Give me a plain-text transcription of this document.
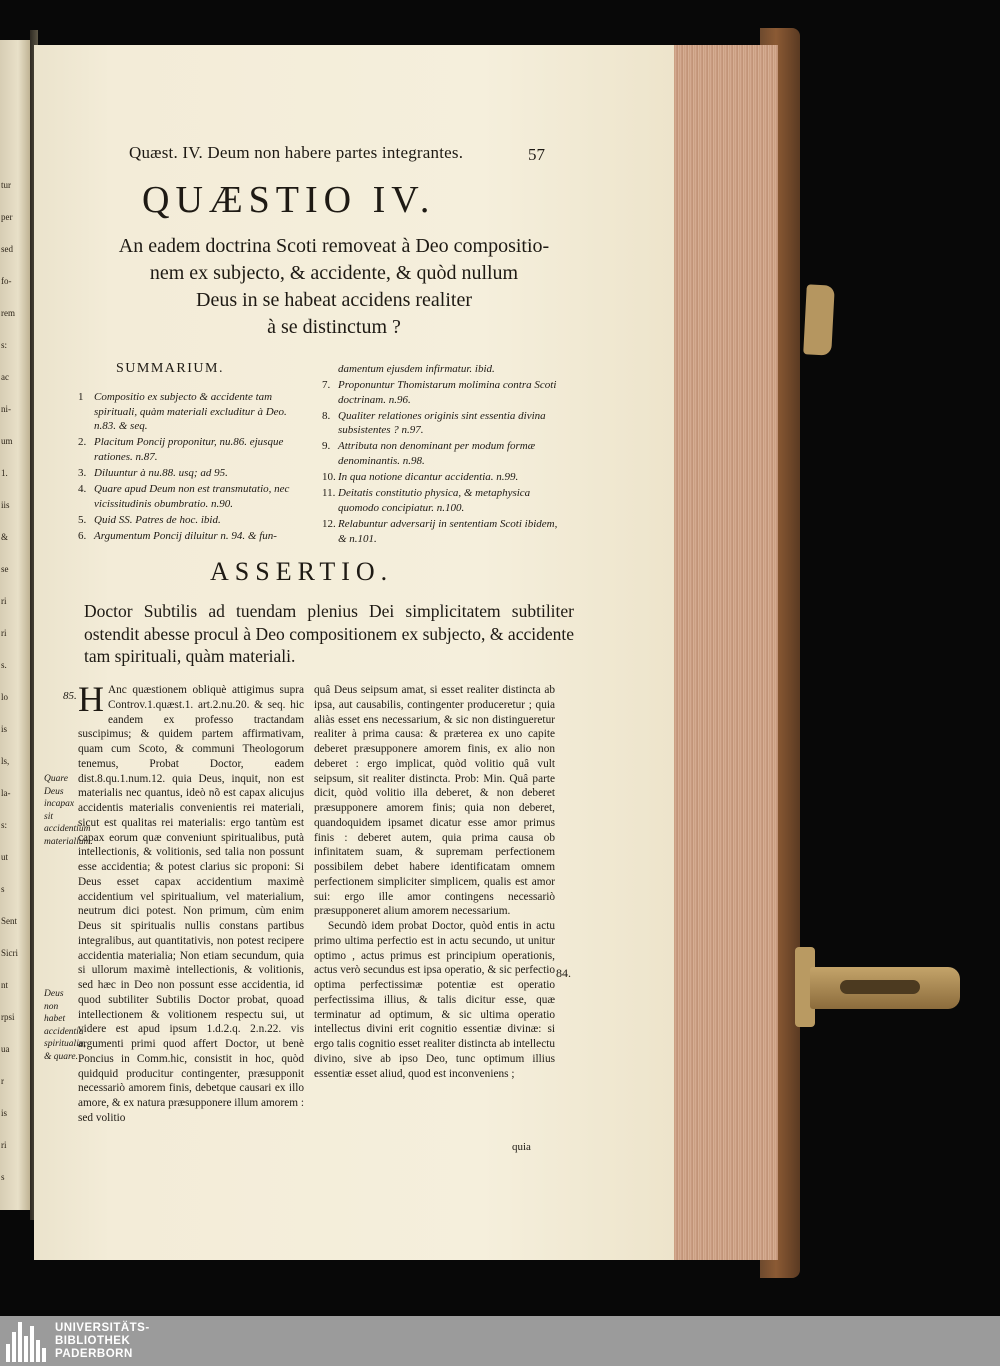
tur
per
sed
fo-
rem
s:
ac
ni-
um
1.
iis
&
se
ri
ri
s.
lo
is
ls,
la-
s:
ut
s
Sent
Sicri
nt
rpsi
ua
r
is
ri
s
Quæst. IV. Deum non habere partes integrantes.	57
QUÆSTIO IV.
An eadem doctrina Scoti removeat à Deo compositio-
nem ex subjecto, & accidente, & quòd nullum
Deus in se habeat accidens realiter
à se distinctum ?
SUMMARIUM.
1 Compositio ex subjecto & accidente tam spirituali, quàm materiali excluditur à Deo. n.83. & seq.
2. Placitum Poncij proponitur, nu.86. ejusque rationes. n.87.
3. Diluuntur à nu.88. usq; ad 95.
4. Quare apud Deum non est transmutatio, nec vicissitudinis obumbratio. n.90.
5. Quid SS. Patres de hoc. ibid.
6. Argumentum Poncij diluitur n. 94. & fun-
damentum ejusdem infirmatur. ibid.
7. Proponuntur Thomistarum molimina contra Scoti doctrinam. n.96.
8. Qualiter relationes originis sint essentia divina subsistentes ? n.97.
9. Attributa non denominant per modum formæ denominantis. n.98.
10. In qua notione dicantur accidentia. n.99.
11. Deitatis constitutio physica, & metaphysica quomodo concipiatur. n.100.
12. Relabuntur adversarij in sententiam Scoti ibidem, & n.101.
ASSERTIO.
Doctor Subtilis ad tuendam plenius Dei simplicitatem subtiliter ostendit abesse procul à Deo compositionem ex subjecto, & accidente tam spirituali, quàm materiali.
85.
Quare Deus incapax sit accidentium materialium.
Deus non habet accidentia spiritualia, & quare.
84.

H Anc quæstionem obliquè attigimus supra Controv.1.quæst.1. art.2.nu.20. & seq. hic eandem ex professo tractandam suscipimus; & quidem partem affirmativam, quam cum Scoto, & communi Theologorum tenemus, Probat Doctor, eadem dist.8.qu.1.num.12. quia Deus, inquit, non est materialis nec quantus, ideò nõ est capax alicujus accidentis materialis convenientis rei materiali, sicut est qualitas rei materialis: ergo tantùm est capax eorum quæ conveniunt spiritualibus, putà intellectionis, & volitionis, sed talia non possunt esse accidentia; & potest clarius sic proponi: Si Deus esset capax accidentium maximè accidentium vel spiritualium, vel materialium, neutrum dici potest. Non primum, cùm enim Deus sit spiritualis nullis constans partibus integralibus, aut quantitativis, non potest recipere accidentia materialia; Non etiam secundum, quia si ullorum maximè intellectionis, & volitionis, sed hæc in Deo non possunt esse accidentia, id quod subtiliter Subtilis Doctor probat, quoad intellectionem & volitionem respectu sui, ut videre est apud ipsum 1.d.2.q. 2.n.22. vis argumenti primi quod affert Doctor, ut benè Poncius in Comm.hic, consistit in hoc, quòd quidquid producitur contingenter, præsupponit necessariò amorem finis, debetque causari ex illo amore, & ex natura præsupponere illum amorem : sed volitio

quâ Deus seipsum amat, si esset realiter distincta ab ipsa, aut causabilis, contingenter produceretur ; quia aliàs esset ens necessarium, & sic non distingueretur realiter à prima causa: & præterea ex uno capite deberet præsupponere amorem finis, ex alio non deberet : ergo implicat, quòd volitio quâ vult seipsum, sit realiter distincta. Prob: Min. Quâ parte dicit, quòd volitio illa deberet, & non deberet præsupponere amorem finis; quia non deberet, quandoquidem ipsamet dicatur esse amor primus finis : deberet autem, quia prima causa ob infinitatem suam, & supremam perfectionem possibilem debet habere identificatam omnem perfectionem simpliciter simplicem, qualis est amor sui: ergo ille amor contingens necessariò præsupponeret alium amorem necessarium.

Secundò idem probat Doctor, quòd entis in actu primo ultima perfectio est in actu secundo, ut unitur optimo , actus primus est principium operationis, actus verò secundus est ipsa operatio, & sic perfectio optima perfectissimæ potentiæ est operatio perfectissima illius, & talis dicitur esse, quæ terminatur ad optimum, & sic ultima operatio intellectus divini erit cognitio essentiæ divinæ: si ergo talis cognitio esset realiter distincta ab intellectu divino, sive ab ipso Deo, tunc optimum illius essentiæ esset aliud, quod est inconveniens ;

quia
UNIVERSITÄTS-
BIBLIOTHEK
PADERBORN
